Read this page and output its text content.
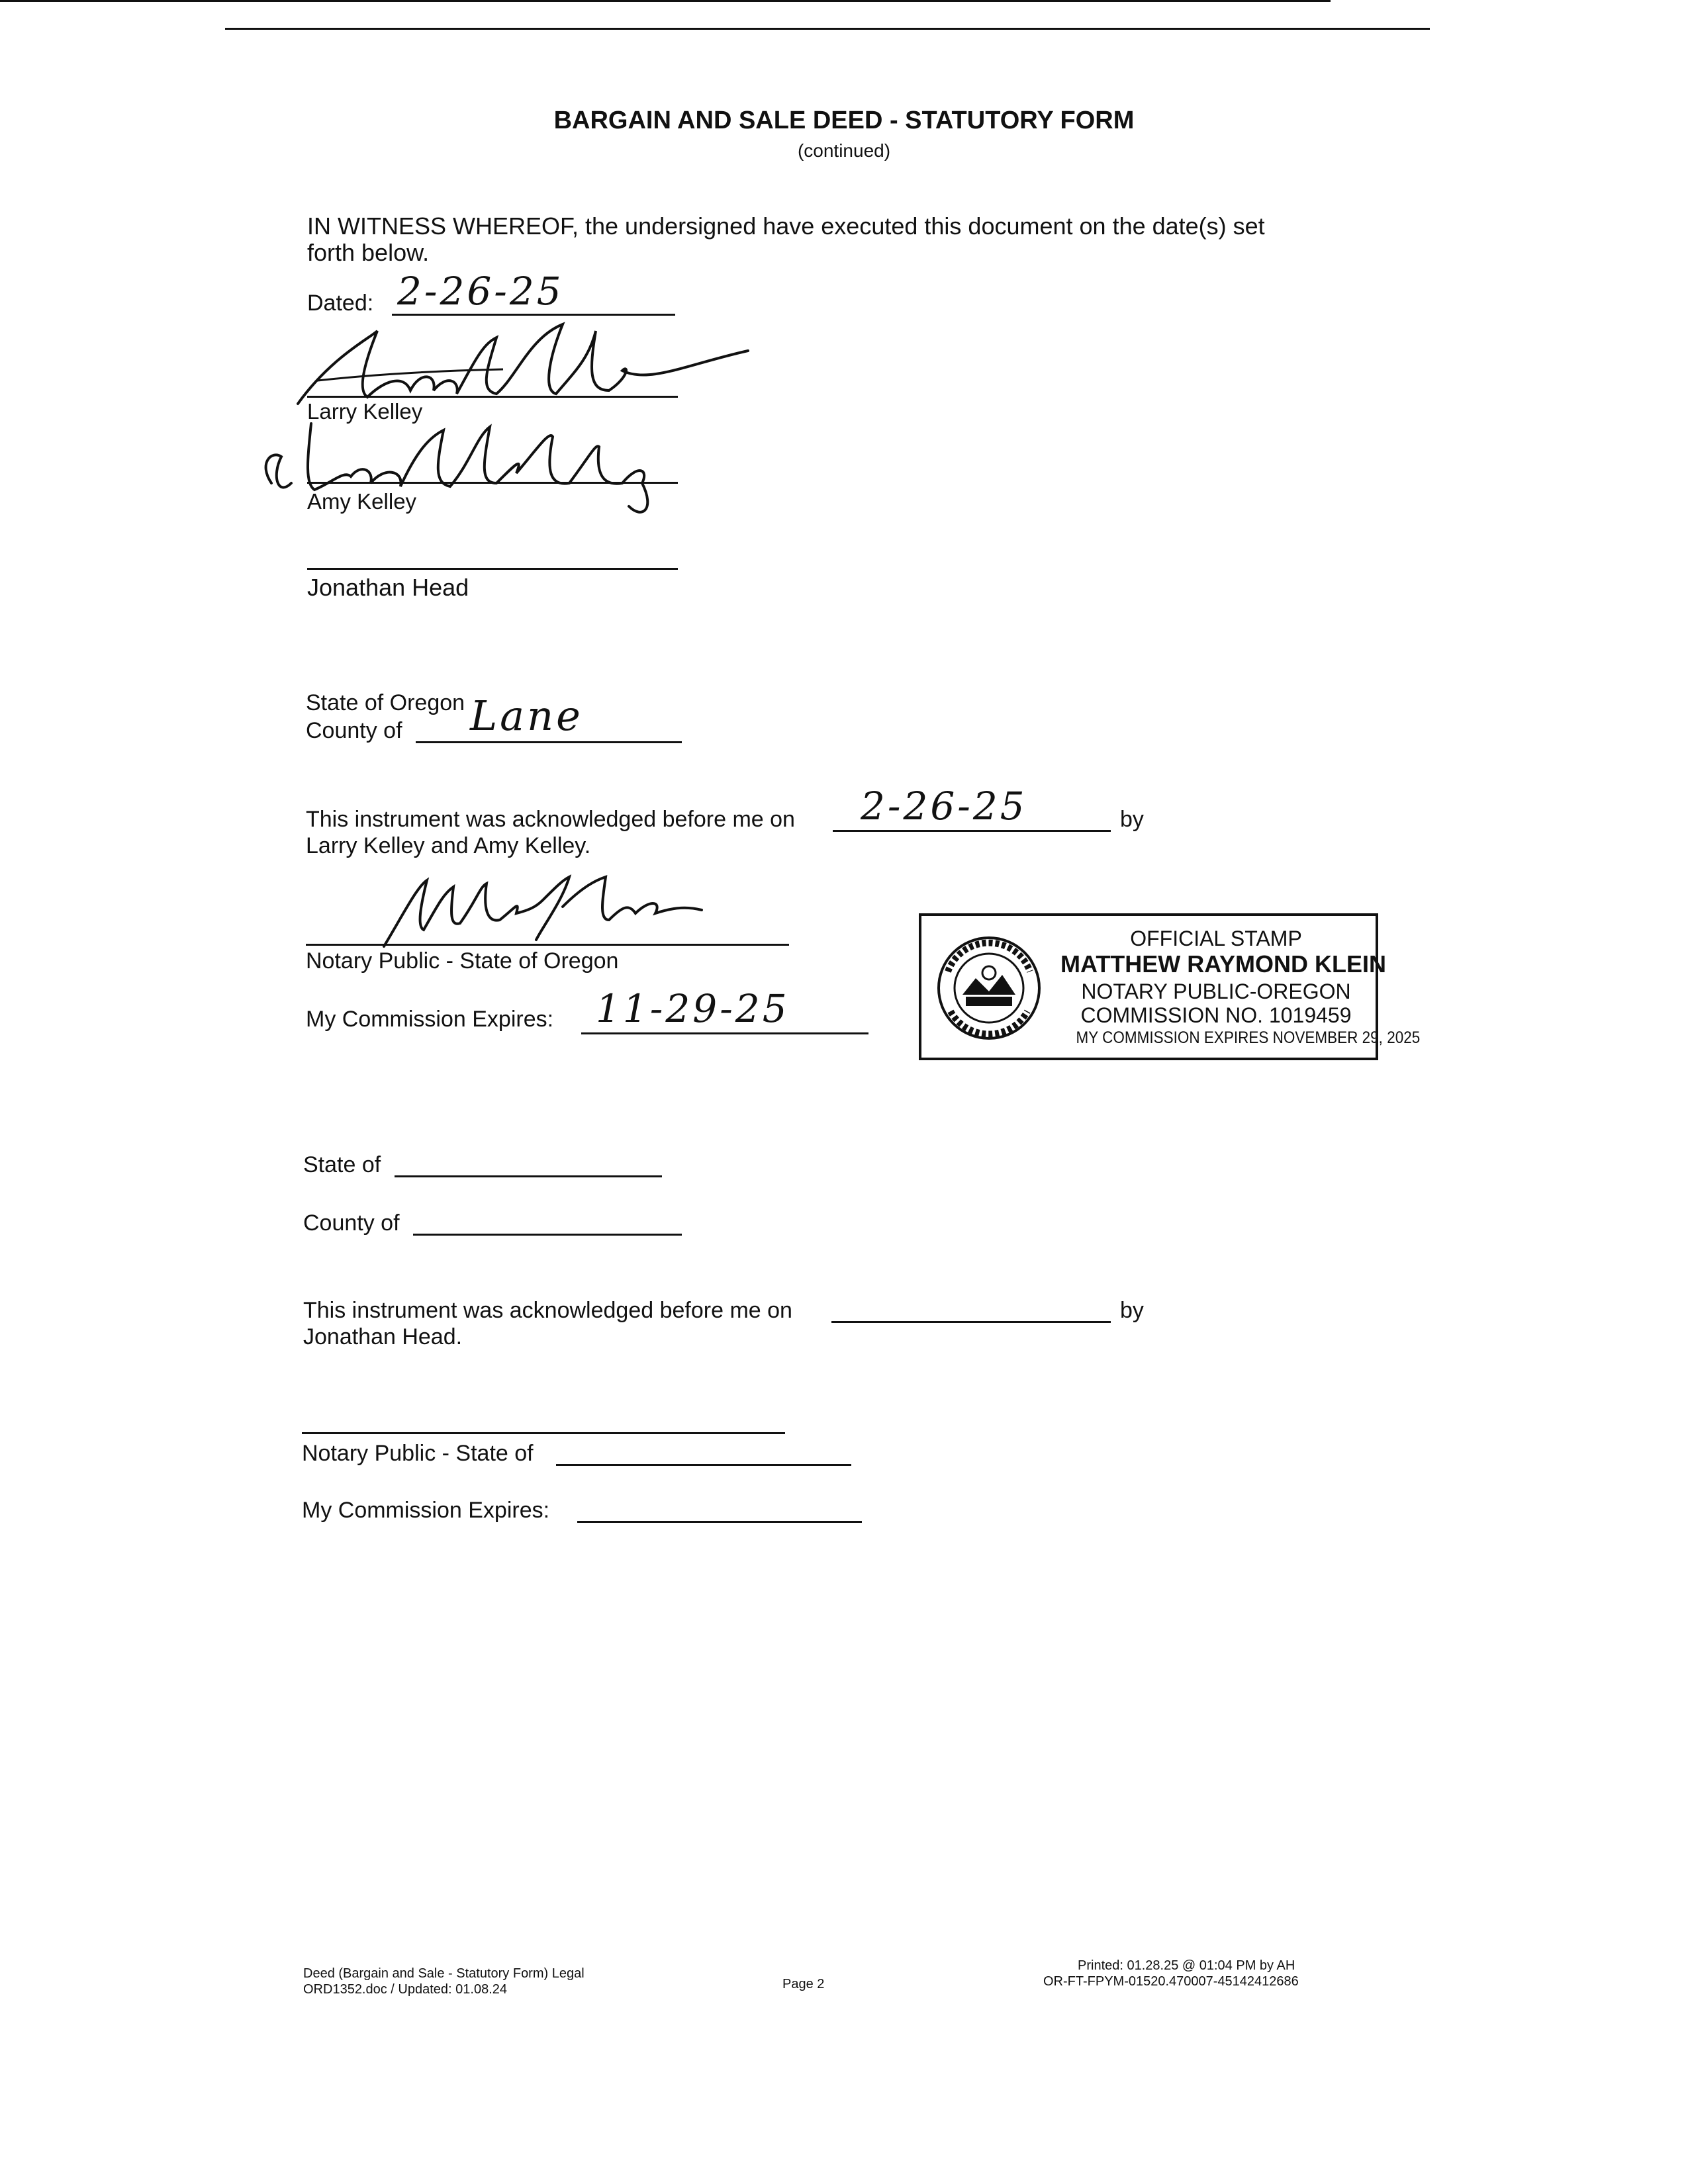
BARGAIN AND SALE DEED - STATUTORY FORM
(continued)
IN WITNESS WHEREOF, the undersigned have executed this document on the date(s) set
forth below.
Dated: 2-26-25
Larry Kelley
Amy Kelley
Jonathan Head
State of Oregon
County of Lane
This instrument was acknowledged before me on 2-26-25	by
Larry Kelley and Amy Kelley.
Notary Public - State of Oregon
My Commission Expires: 11-29-25
OFFICIAL STAMP
MATTHEW RAYMOND KLEIN
NOTARY PUBLIC-OREGON
COMMISSION NO. 1019459
MY COMMISSION EXPIRES NOVEMBER 29, 2025
State of
County of
This instrument was acknowledged before me on	by
Jonathan Head.
Notary Public - State of
My Commission Expires:
Deed (Bargain and Sale - Statutory Form) Legal
ORD1352.doc / Updated: 01.08.24	Page 2
Printed: 01.28.25 @ 01:04 PM by AH
OR-FT-FPYM-01520.470007-45142412686
